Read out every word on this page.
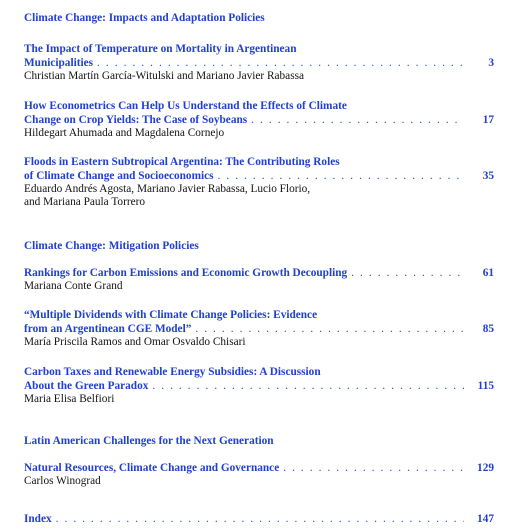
Climate Change: Impacts and Adaptation Policies
The Impact of Temperature on Mortality in Argentinean
Municipalities . . .	3
Christian Martín García-Witulski and Mariano Javier Rabassa
How Econometrics Can Help Us Understand the Effects of Climate
Change on Crop Yields: The Case of Soybeans . . .	17
Hildegart Ahumada and Magdalena Cornejo
Floods in Eastern Subtropical Argentina: The Contributing Roles
of Climate Change and Socioeconomics . . .	35
Eduardo Andrés Agosta, Mariano Javier Rabassa, Lucio Florio,
and Mariana Paula Torrero
Climate Change: Mitigation Policies
Rankings for Carbon Emissions and Economic Growth Decoupling . . .	61
Mariana Conte Grand
“Multiple Dividends with Climate Change Policies: Evidence
from an Argentinean CGE Model” . . .	85
María Priscila Ramos and Omar Osvaldo Chisari
Carbon Taxes and Renewable Energy Subsidies: A Discussion
About the Green Paradox . . .	115
Maria Elisa Belfiori
Latin American Challenges for the Next Generation
Natural Resources, Climate Change and Governance . . .	129
Carlos Winograd
Index . . .	147
